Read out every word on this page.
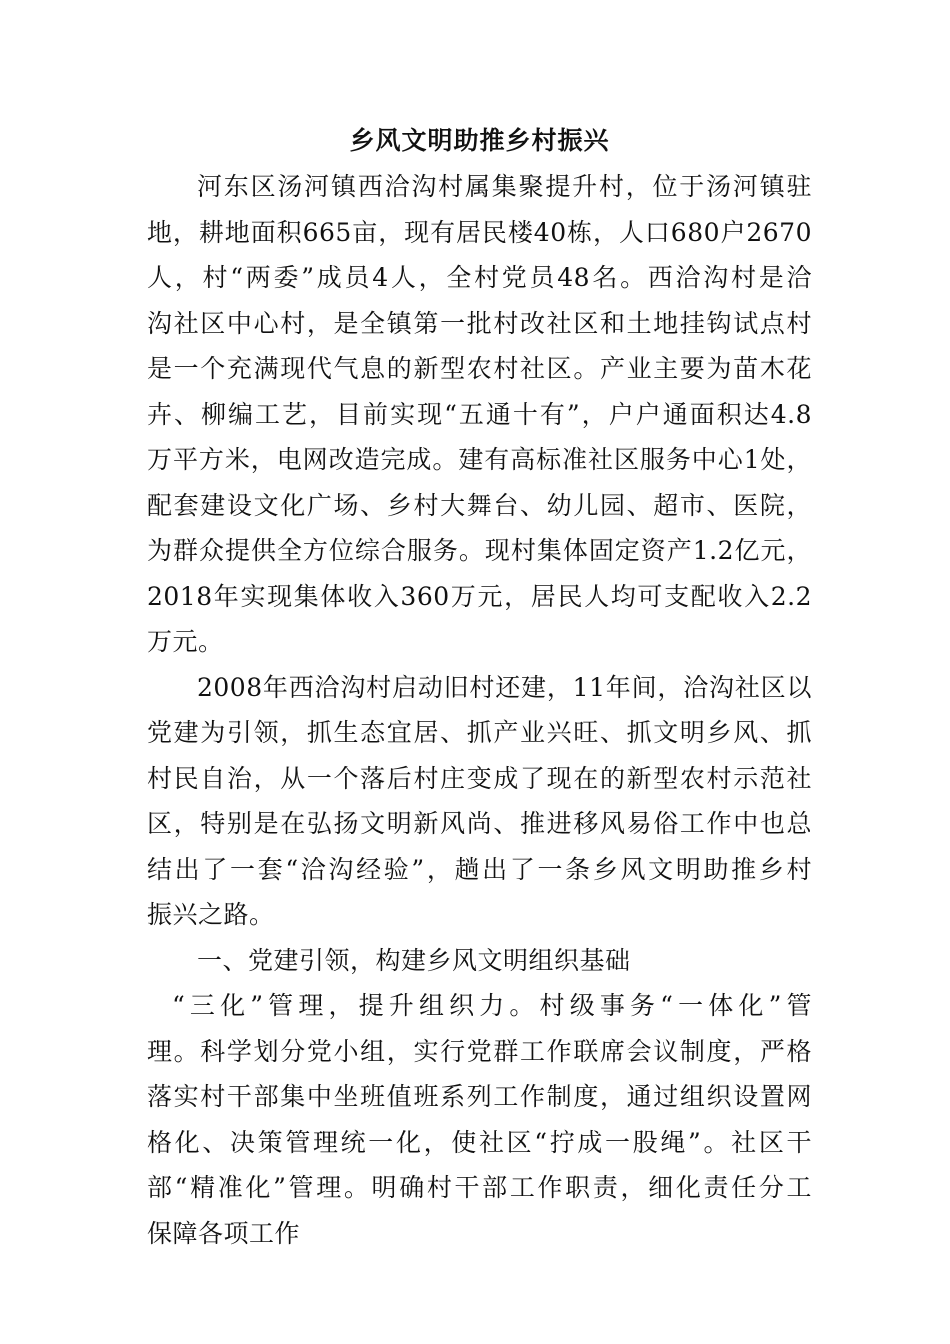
乡风文明助推乡村振兴
河东区汤河镇西洽沟村属集聚提升村，位于汤河镇驻
地，耕地面积665亩，现有居民楼40栋，人口680户2670
人，村“两委”成员4人，全村党员48名。西洽沟村是洽
沟社区中心村，是全镇第一批村改社区和土地挂钩试点村
是一个充满现代气息的新型农村社区。产业主要为苗木花
卉、柳编工艺，目前实现“五通十有”，户户通面积达4.8
万平方米，电网改造完成。建有高标准社区服务中心1处，
配套建设文化广场、乡村大舞台、幼儿园、超市、医院，
为群众提供全方位综合服务。现村集体固定资产1.2亿元，
2018年实现集体收入360万元，居民人均可支配收入2.2
万元。
2008年西洽沟村启动旧村还建，11年间，洽沟社区以
党建为引领，抓生态宜居、抓产业兴旺、抓文明乡风、抓
村民自治，从一个落后村庄变成了现在的新型农村示范社
区，特别是在弘扬文明新风尚、推进移风易俗工作中也总
结出了一套“洽沟经验”，趟出了一条乡风文明助推乡村
振兴之路。
一、党建引领，构建乡风文明组织基础
“三化”管理，提升组织力。村级事务“一体化”管
理。科学划分党小组，实行党群工作联席会议制度，严格
落实村干部集中坐班值班系列工作制度，通过组织设置网
格化、决策管理统一化，使社区“拧成一股绳”。社区干
部“精准化”管理。明确村干部工作职责，细化责任分工
保障各项工作
